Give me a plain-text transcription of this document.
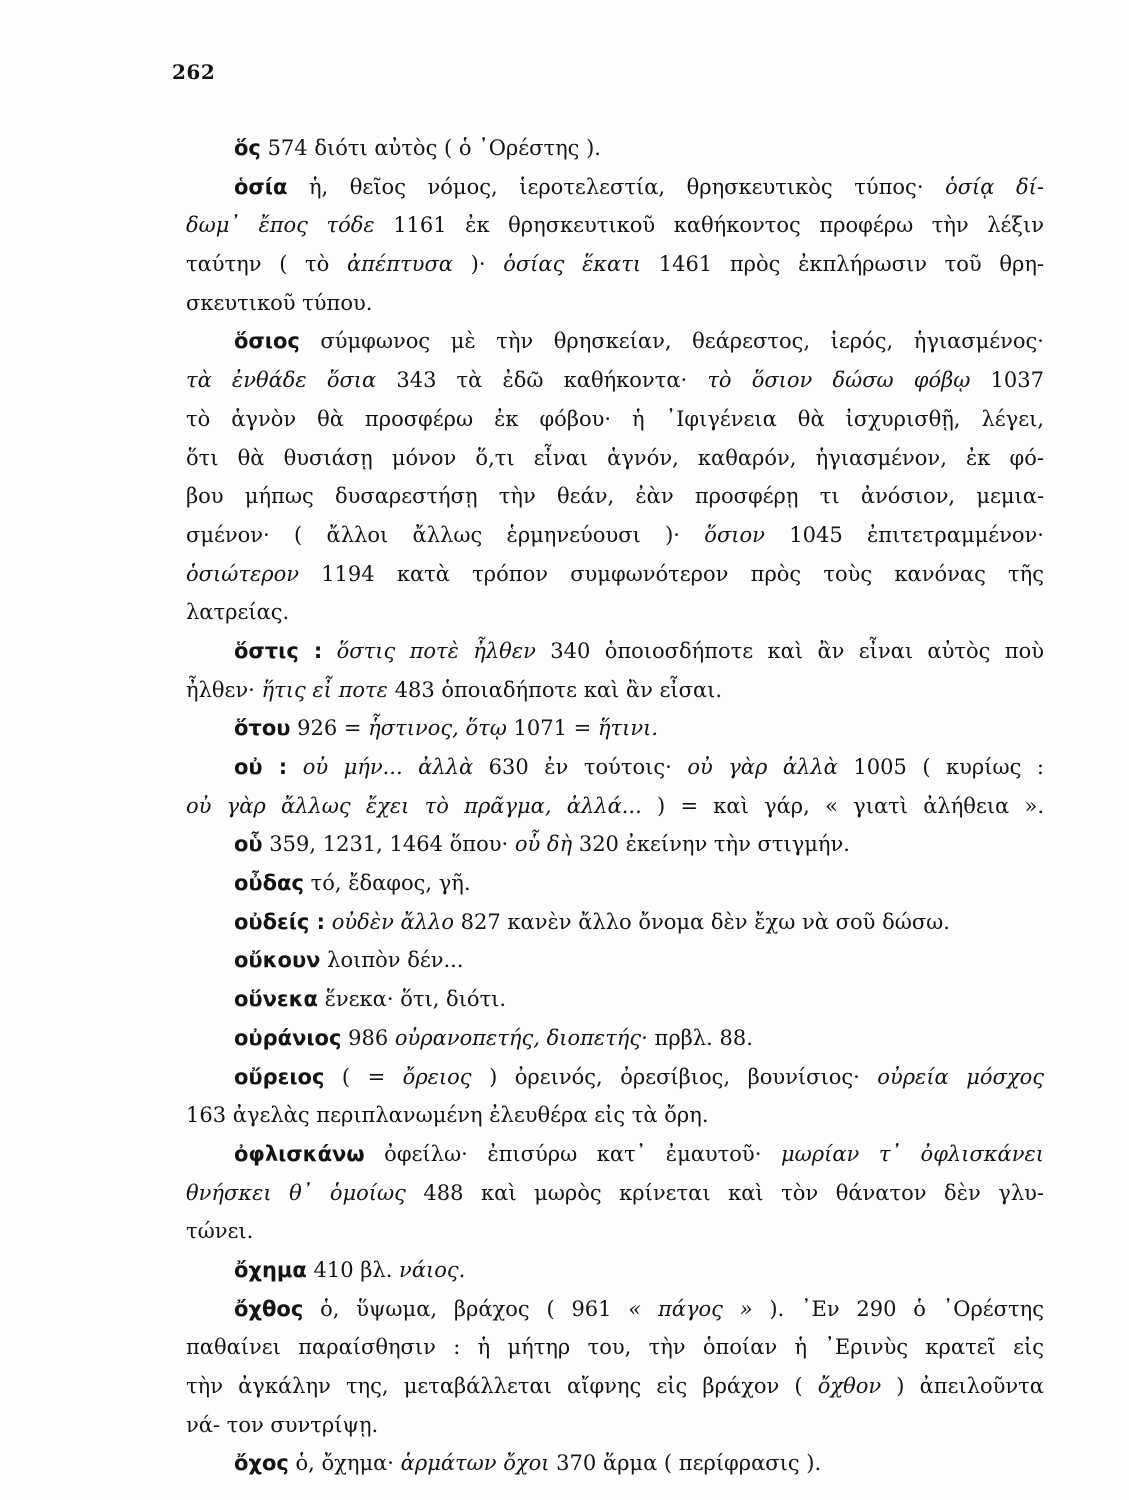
262
ὅς 574 διότι αὐτὸς ( ὁ ᾿Ορέστης ).
ὁσία ἡ, θεῖος νόμος, ἱεροτελεστία, θρησκευτικὸς τύπος· ὁσίᾳ δί-
δωμ᾿ ἔπος τόδε 1161 ἐκ θρησκευτικοῦ καθήκοντος προφέρω τὴν λέξιν
ταύτην ( τὸ ἀπέπτυσα )· ὁσίας ἕκατι 1461 πρὸς ἐκπλήρωσιν τοῦ θρη-
σκευτικοῦ τύπου.
ὅσιος σύμφωνος μὲ τὴν θρησκείαν, θεάρεστος, ἱερός, ἡγιασμένος·
τὰ ἐνθάδε ὅσια 343 τὰ ἐδῶ καθήκοντα· τὸ ὅσιον δώσω φόβῳ 1037
τὸ ἁγνὸν θὰ προσφέρω ἐκ φόβου· ἡ ᾿Ιφιγένεια θὰ ἰσχυρισθῇ, λέγει,
ὅτι θὰ θυσιάσῃ μόνον ὅ,τι εἶναι ἁγνόν, καθαρόν, ἡγιασμένον, ἐκ φό-
βου μήπως δυσαρεστήσῃ τὴν θεάν, ἐὰν προσφέρῃ τι ἀνόσιον, μεμια-
σμένον· ( ἄλλοι ἄλλως ἑρμηνεύουσι )· ὅσιον 1045 ἐπιτετραμμένον·
ὁσιώτερον 1194 κατὰ τρόπον συμφωνότερον πρὸς τοὺς κανόνας τῆς
λατρείας.
ὅστις : ὅστις ποτὲ ἦλθεν 340 ὁποιοσδήποτε καὶ ἂν εἶναι αὐτὸς ποὺ
ἦλθεν· ἥτις εἶ ποτε 483 ὁποιαδήποτε καὶ ἂν εἶσαι.
ὅτου 926 = ἧστινος, ὅτῳ 1071 = ἥτινι.
οὐ : οὐ μήν... ἀλλὰ 630 ἐν τούτοις· οὐ γὰρ ἀλλὰ 1005 ( κυρίως :
οὐ γὰρ ἄλλως ἔχει τὸ πρᾶγμα, ἀλλά... ) = καὶ γάρ, « γιατὶ ἀλήθεια ».
οὗ 359, 1231, 1464 ὅπου· οὗ δὴ 320 ἐκείνην τὴν στιγμήν.
οὖδας τό, ἔδαφος, γῆ.
οὐδείς : οὐδὲν ἄλλο 827 κανὲν ἄλλο ὄνομα δὲν ἔχω νὰ σοῦ δώσω.
οὔκουν λοιπὸν δέν...
οὕνεκα ἕνεκα· ὅτι, διότι.
οὐράνιος 986 οὐρανοπετής, διοπετής· πρβλ. 88.
οὔρειος ( = ὄρειος ) ὀρεινός, ὀρεσίβιος, βουνίσιος· οὐρεία μόσχος
163 ἀγελὰς περιπλανωμένη ἐλευθέρα εἰς τὰ ὄρη.
ὀφλισκάνω ὀφείλω· ἐπισύρω κατ᾿ ἐμαυτοῦ· μωρίαν τ᾿ ὀφλισκάνει
θνήσκει θ᾿ ὁμοίως 488 καὶ μωρὸς κρίνεται καὶ τὸν θάνατον δὲν γλυ-
τώνει.
ὄχημα 410 βλ. νάιος.
ὄχθος ὁ, ὕψωμα, βράχος ( 961 « πάγος » ). ᾿Εν 290 ὁ ᾿Ορέστης
παθαίνει παραίσθησιν : ἡ μήτηρ του, τὴν ὁποίαν ἡ ᾿Ερινὺς κρατεῖ εἰς
τὴν ἀγκάλην της, μεταβάλλεται αἴφνης εἰς βράχον ( ὄχθον ) ἀπειλοῦντα
νά- τον συντρίψῃ.
ὄχος ὁ, ὄχημα· ἁρμάτων ὄχοι 370 ἅρμα ( περίφρασις ).
